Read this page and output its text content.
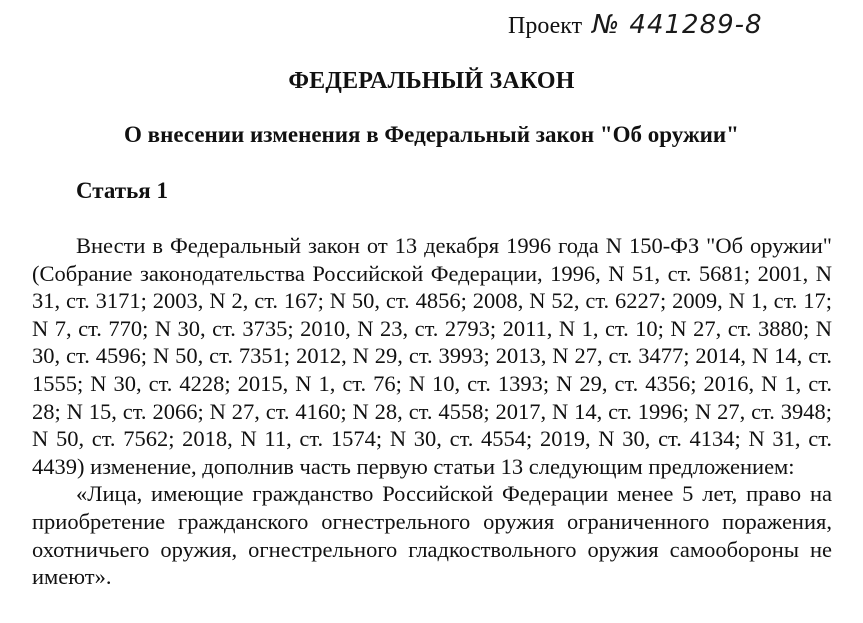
Проект № 441289-8
ФЕДЕРАЛЬНЫЙ ЗАКОН
О внесении изменения в Федеральный закон "Об оружии"
Статья 1

Внести в Федеральный закон от 13 декабря 1996 года N 150-ФЗ "Об оружии" (Собрание законодательства Российской Федерации, 1996, N 51, ст. 5681; 2001, N 31, ст. 3171; 2003, N 2, ст. 167; N 50, ст. 4856; 2008, N 52, ст. 6227; 2009, N 1, ст. 17; N 7, ст. 770; N 30, ст. 3735; 2010, N 23, ст. 2793; 2011, N 1, ст. 10; N 27, ст. 3880; N 30, ст. 4596; N 50, ст. 7351; 2012, N 29, ст. 3993; 2013, N 27, ст. 3477; 2014, N 14, ст. 1555; N 30, ст. 4228; 2015, N 1, ст. 76; N 10, ст. 1393; N 29, ст. 4356; 2016, N 1, ст. 28; N 15, ст. 2066; N 27, ст. 4160; N 28, ст. 4558; 2017, N 14, ст. 1996; N 27, ст. 3948; N 50, ст. 7562; 2018, N 11, ст. 1574; N 30, ст. 4554; 2019, N 30, ст. 4134; N 31, ст. 4439) изменение, дополнив часть первую статьи 13 следующим предложением:

«Лица, имеющие гражданство Российской Федерации менее 5 лет, право на приобретение гражданского огнестрельного оружия ограниченного поражения, охотничьего оружия, огнестрельного гладкоствольного оружия самообороны не имеют».
